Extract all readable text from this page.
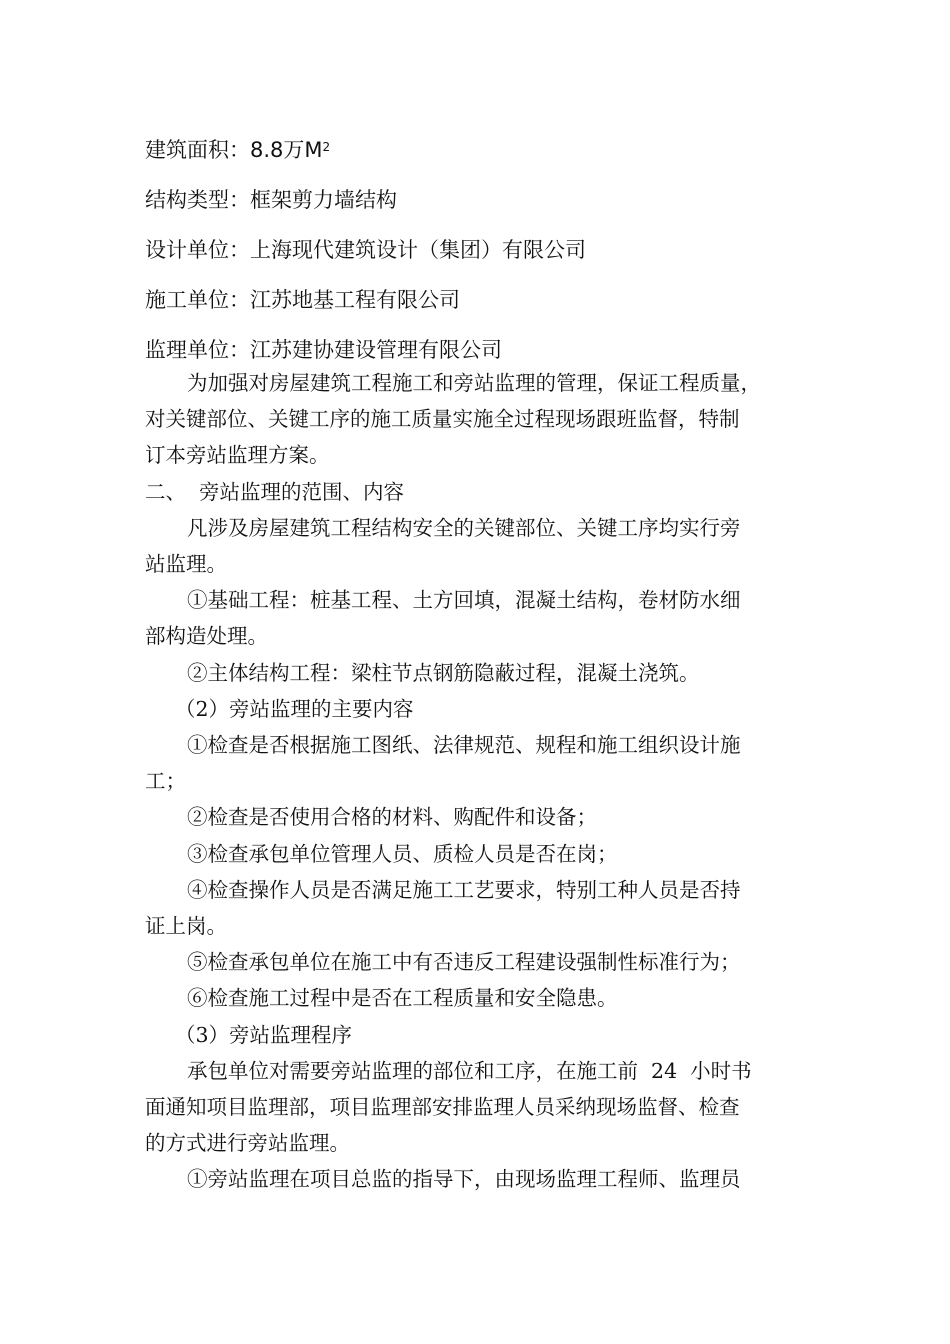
建筑面积：8.8万$M^2$
结构类型：框架剪力墙结构
设计单位：上海现代建筑设计（集团）有限公司
施工单位：江苏地基工程有限公司
监理单位：江苏建协建设管理有限公司

为加强对房屋建筑工程施工和旁站监理的管理，保证工程质量，

对关键部位、关键工序的施工质量实施全过程现场跟班监督，特制

订本旁站监理方案。

二、  旁站监理的范围、内容

凡涉及房屋建筑工程结构安全的关键部位、关键工序均实行旁

站监理。

①基础工程：桩基工程、土方回填，混凝土结构，卷材防水细

部构造处理。

②主体结构工程：梁柱节点钢筋隐蔽过程，混凝土浇筑。

（2）旁站监理的主要内容

①检查是否根据施工图纸、法律规范、规程和施工组织设计施

工；

②检查是否使用合格的材料、购配件和设备；

③检查承包单位管理人员、质检人员是否在岗；

④检查操作人员是否满足施工工艺要求，特别工种人员是否持

证上岗。

⑤检查承包单位在施工中有否违反工程建设强制性标准行为；

⑥检查施工过程中是否在工程质量和安全隐患。

（3）旁站监理程序

承包单位对需要旁站监理的部位和工序，在施工前  24  小时书

面通知项目监理部，项目监理部安排监理人员采纳现场监督、检查

的方式进行旁站监理。

①旁站监理在项目总监的指导下，由现场监理工程师、监理员
